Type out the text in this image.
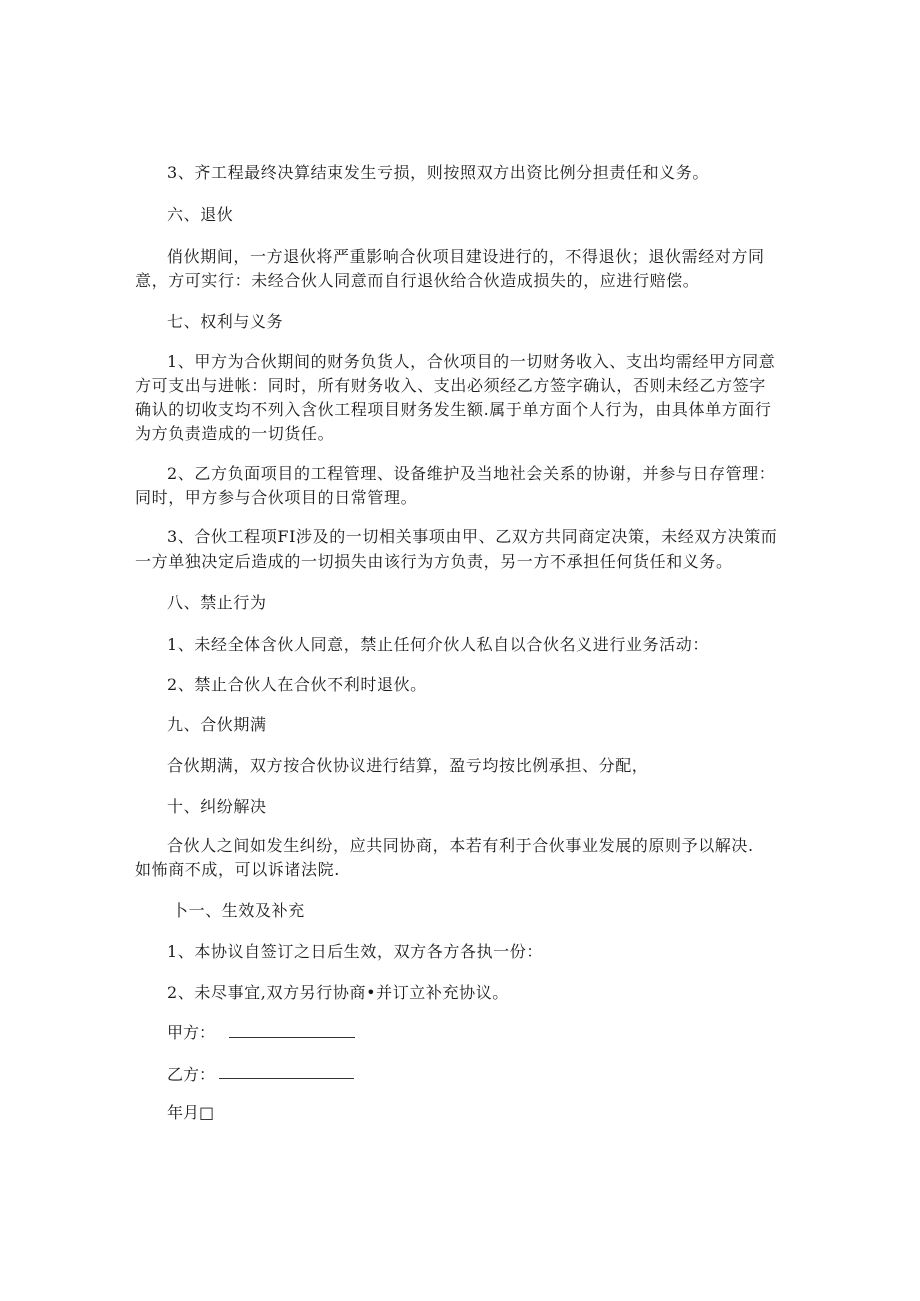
3、齐工程最终决算结束发生亏损，则按照双方出资比例分担责任和义务。
六、退伙
俏伙期间，一方退伙将严重影响合伙项目建设进行的，不得退伙；退伙需经对方同
意，方可实行：未经合伙人同意而自行退伙给合伙造成损失的，应进行赔偿。
七、权利与义务
1、甲方为合伙期间的财务负货人，合伙项目的一切财务收入、支出均需经甲方同意
方可支出与进帐：同时，所有财务收入、支出必须经乙方签字确认，否则未经乙方签字
确认的切收支均不列入含伙工程项目财务发生额.属于单方面个人行为，由具体单方面行
为方负责造成的一切货任。
2、乙方负面项目的工程管理、设备维护及当地社会关系的协谢，并参与日存管理：
同时，甲方参与合伙项目的日常管理。
3、合伙工程项FI涉及的一切相关事项由甲、乙双方共同商定决策，未经双方决策而
一方单独决定后造成的一切损失由该行为方负责，另一方不承担任何货任和义务。
八、禁止行为
1、未经全体含伙人同意，禁止任何介伙人私自以合伙名义进行业务活动：
2、禁止合伙人在合伙不利时退伙。
九、合伙期满
合伙期满，双方按合伙协议进行结算，盈亏均按比例承担、分配，
十、纠纷解决
合伙人之间如发生纠纷，应共同协商，本若有利于合伙事业发展的原则予以解决.
如怖商不成，可以诉诸法院.
卜一、生效及补充
1、本协议自签订之日后生效，双方各方各执一份：
2、未尽事宜,双方另行协商•并订立补充协议。
甲方：
乙方：
年月□
